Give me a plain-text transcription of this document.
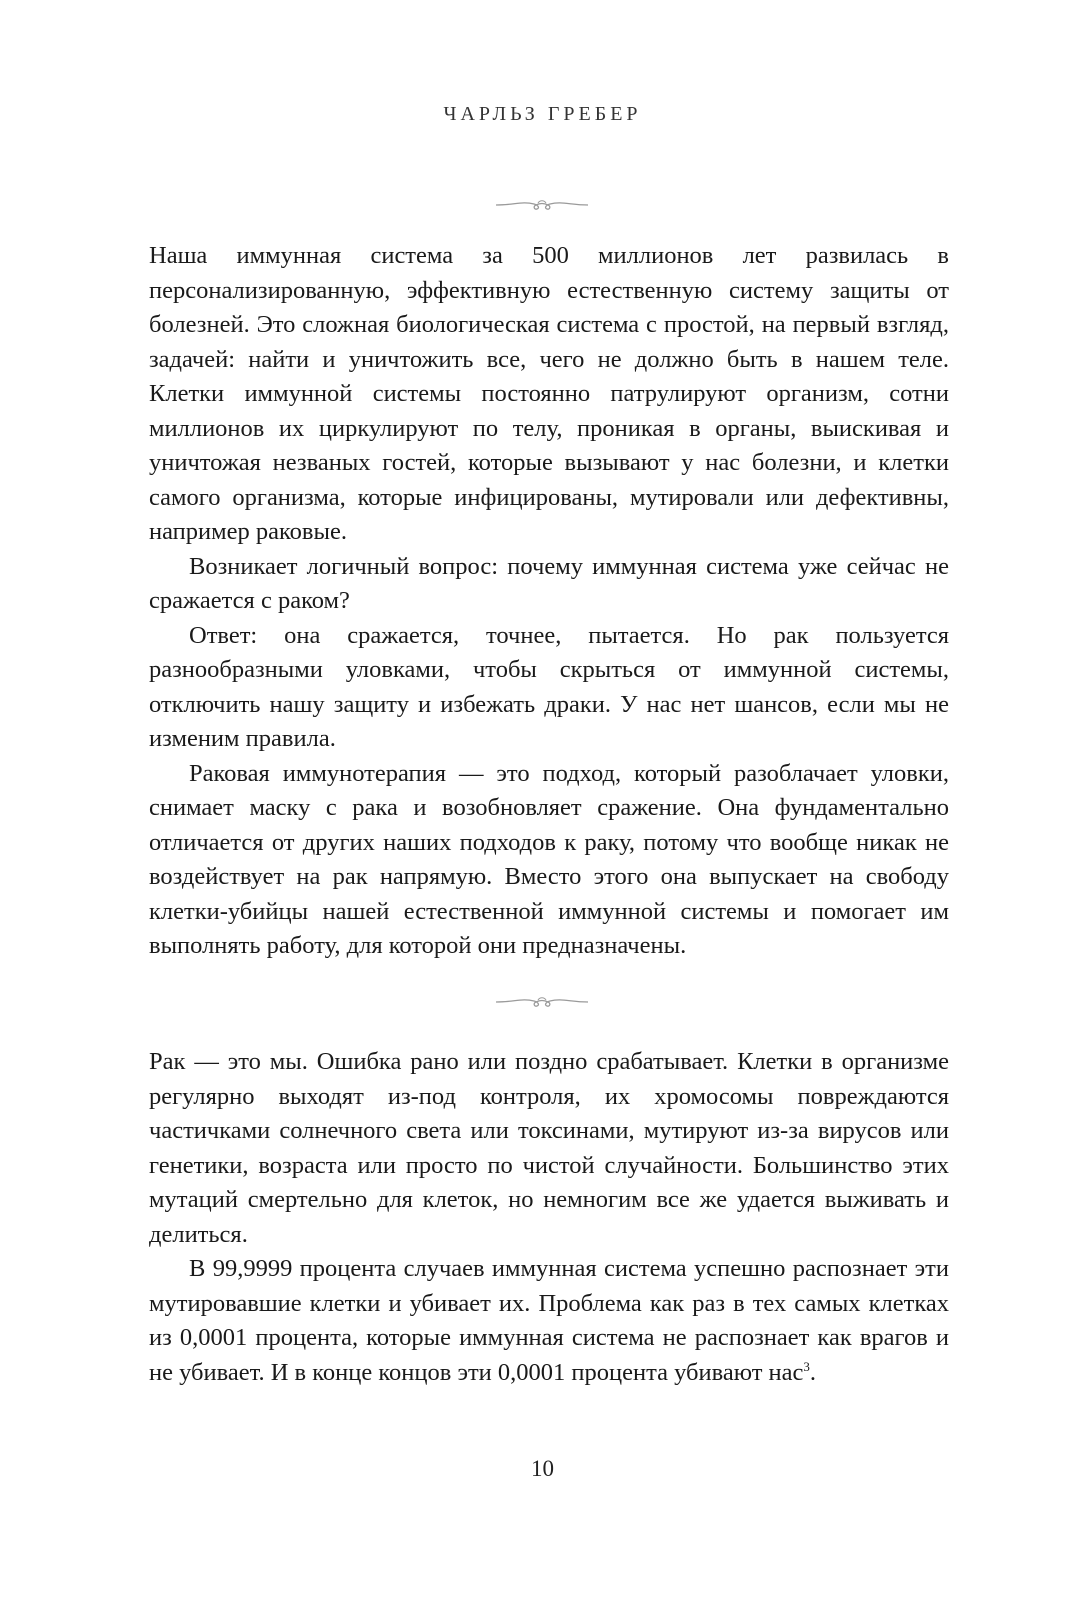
ЧАРЛЬЗ ГРЕБЕР

Наша иммунная система за 500 миллионов лет развилась в персонализированную, эффективную естественную систему защиты от болезней. Это сложная биологическая система с простой, на первый взгляд, задачей: найти и уничтожить все, чего не должно быть в нашем теле. Клетки иммунной системы постоянно патрулируют организм, сотни миллионов их циркулируют по телу, проникая в органы, выискивая и уничтожая незваных гостей, которые вызывают у нас болезни, и клетки самого организма, которые инфицированы, мутировали или дефективны, например раковые.

Возникает логичный вопрос: почему иммунная система уже сейчас не сражается с раком?

Ответ: она сражается, точнее, пытается. Но рак пользуется разнообразными уловками, чтобы скрыться от иммунной системы, отключить нашу защиту и избежать драки. У нас нет шансов, если мы не изменим правила.

Раковая иммунотерапия — это подход, который разоблачает уловки, снимает маску с рака и возобновляет сражение. Она фундаментально отличается от других наших подходов к раку, потому что вообще никак не воздействует на рак напрямую. Вместо этого она выпускает на свободу клетки-убийцы нашей естественной иммунной системы и помогает им выполнять работу, для которой они предназначены.

Рак — это мы. Ошибка рано или поздно срабатывает. Клетки в организме регулярно выходят из-под контроля, их хромосомы повреждаются частичками солнечного света или токсинами, мутируют из-за вирусов или генетики, возраста или просто по чистой случайности. Большинство этих мутаций смертельно для клеток, но немногим все же удается выживать и делиться.

В 99,9999 процента случаев иммунная система успешно распознает эти мутировавшие клетки и убивает их. Проблема как раз в тех самых клетках из 0,0001 процента, которые иммунная система не распознает как врагов и не убивает. И в конце концов эти 0,0001 процента убивают нас$^3$.

10
